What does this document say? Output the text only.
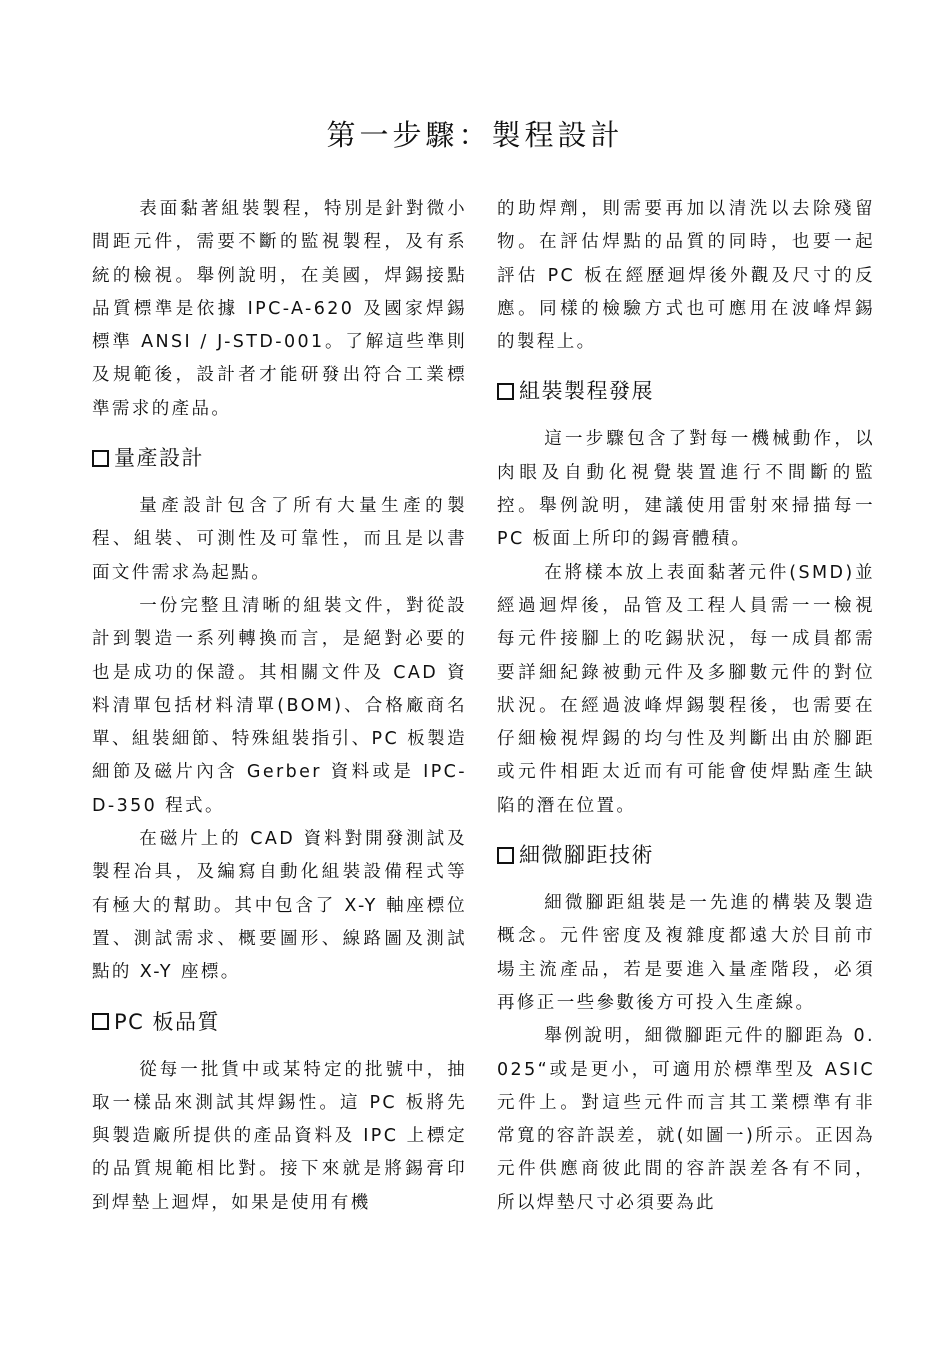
第一步驟：製程設計

表面黏著組裝製程，特別是針對微小間距元件，需要不斷的監視製程，及有系統的檢視。舉例說明，在美國，焊錫接點品質標準是依據 IPC-A-620 及國家焊錫標準 ANSI / J-STD-001。了解這些準則及規範後，設計者才能研發出符合工業標準需求的產品。

量產設計

量產設計包含了所有大量生產的製程、組裝、可測性及可靠性，而且是以書面文件需求為起點。

一份完整且清晰的組裝文件，對從設計到製造一系列轉換而言，是絕對必要的也是成功的保證。其相關文件及 CAD 資料清單包括材料清單(BOM)、合格廠商名單、組裝細節、特殊組裝指引、PC 板製造細節及磁片內含 Gerber 資料或是 IPC-D-350 程式。

在磁片上的 CAD 資料對開發測試及製程冶具，及編寫自動化組裝設備程式等有極大的幫助。其中包含了 X-Y 軸座標位置、測試需求、概要圖形、線路圖及測試點的 X-Y 座標。

PC 板品質

從每一批貨中或某特定的批號中，抽取一樣品來測試其焊錫性。這 PC 板將先與製造廠所提供的產品資料及 IPC 上標定的品質規範相比對。接下來就是將錫膏印到焊墊上迴焊，如果是使用有機

的助焊劑，則需要再加以清洗以去除殘留物。在評估焊點的品質的同時，也要一起評估 PC 板在經歷迴焊後外觀及尺寸的反應。同樣的檢驗方式也可應用在波峰焊錫的製程上。

組裝製程發展

這一步驟包含了對每一機械動作，以肉眼及自動化視覺裝置進行不間斷的監控。舉例說明，建議使用雷射來掃描每一 PC 板面上所印的錫膏體積。

在將樣本放上表面黏著元件(SMD)並經過迴焊後，品管及工程人員需一一檢視每元件接腳上的吃錫狀況，每一成員都需要詳細紀錄被動元件及多腳數元件的對位狀況。在經過波峰焊錫製程後，也需要在仔細檢視焊錫的均勻性及判斷出由於腳距或元件相距太近而有可能會使焊點產生缺陷的潛在位置。

細微腳距技術

細微腳距組裝是一先進的構裝及製造概念。元件密度及複雜度都遠大於目前市場主流產品，若是要進入量產階段，必須再修正一些參數後方可投入生產線。

舉例說明，細微腳距元件的腳距為 0.025“或是更小，可適用於標準型及 ASIC 元件上。對這些元件而言其工業標準有非常寬的容許誤差，就(如圖一)所示。正因為元件供應商彼此間的容許誤差各有不同，所以焊墊尺寸必須要為此
